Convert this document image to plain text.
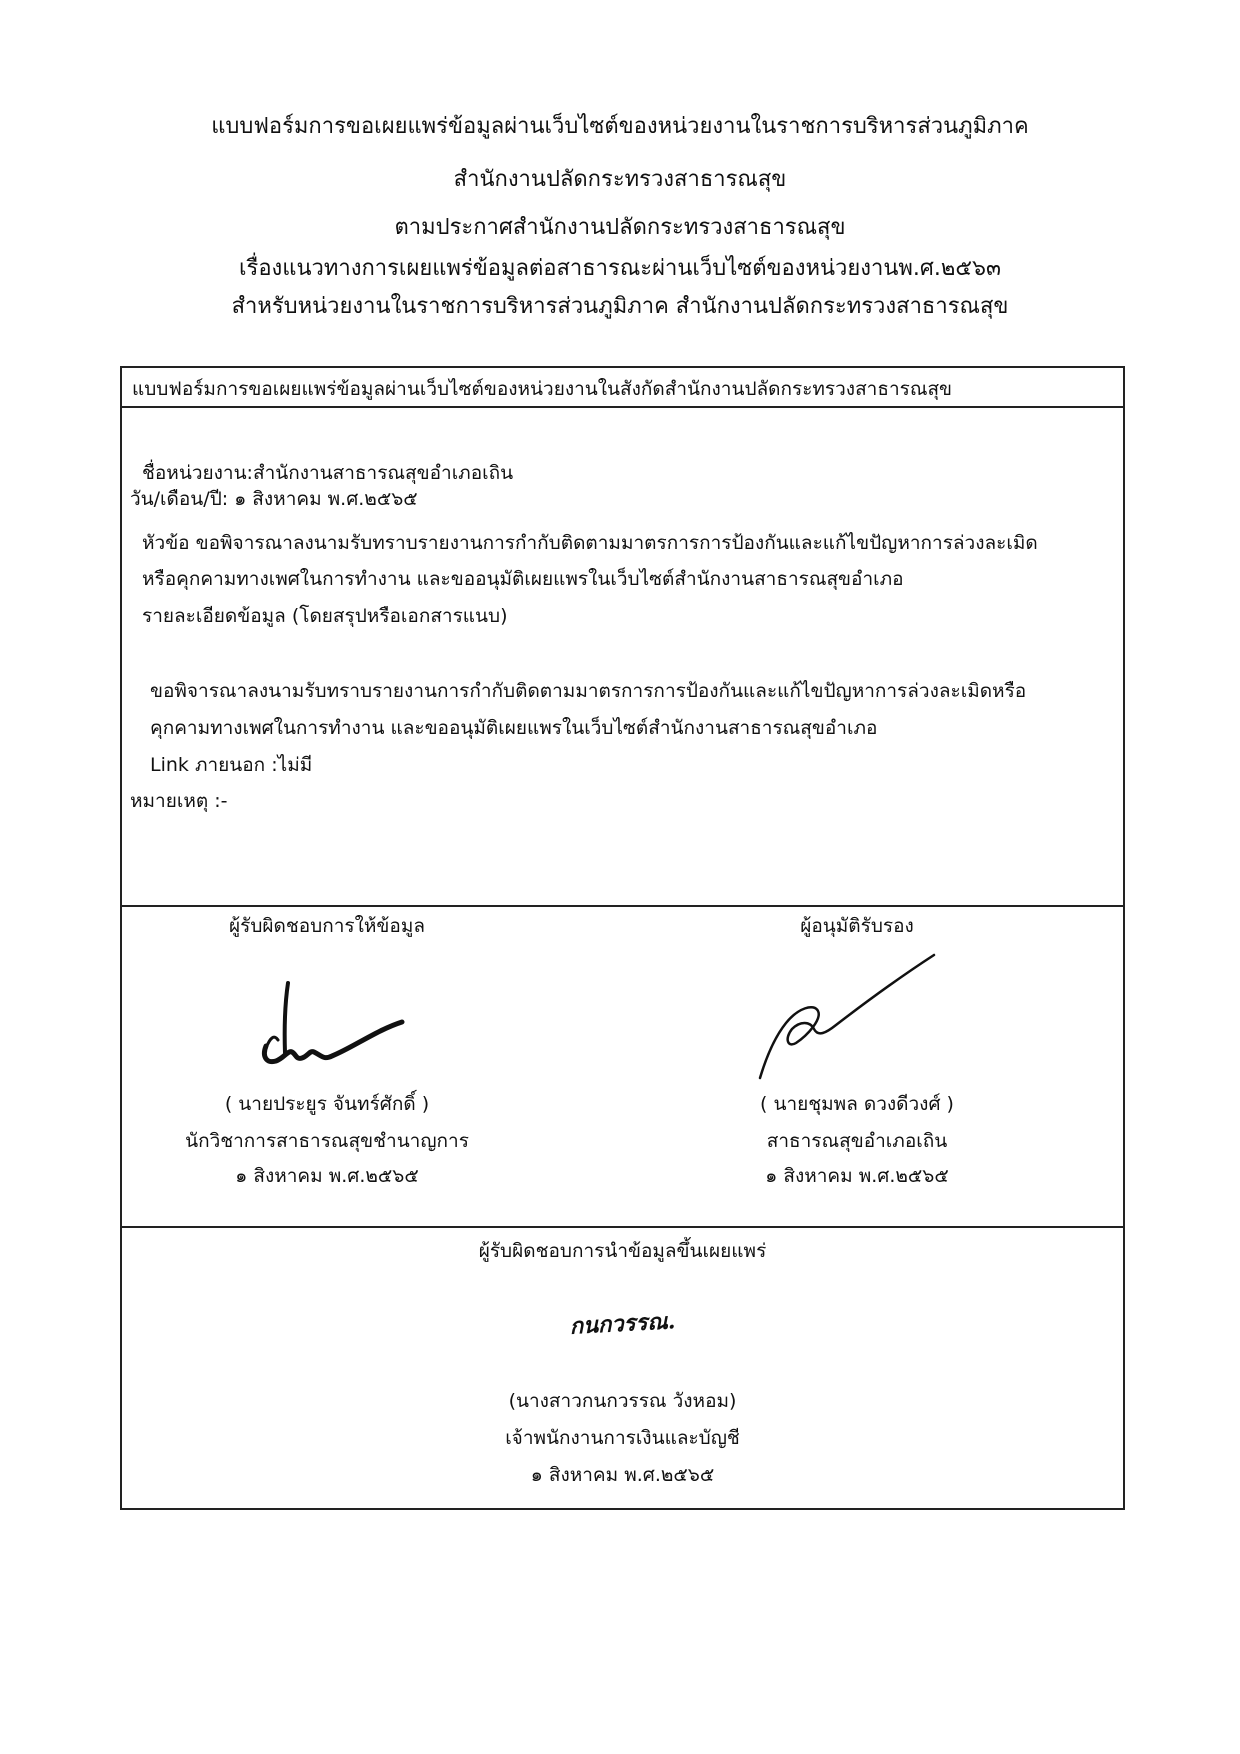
แบบฟอร์มการขอเผยแพร่ข้อมูลผ่านเว็บไซต์ของหน่วยงานในราชการบริหารส่วนภูมิภาค
สำนักงานปลัดกระทรวงสาธารณสุข
ตามประกาศสำนักงานปลัดกระทรวงสาธารณสุข
เรื่องแนวทางการเผยแพร่ข้อมูลต่อสาธารณะผ่านเว็บไซต์ของหน่วยงานพ.ศ.๒๕๖๓
สำหรับหน่วยงานในราชการบริหารส่วนภูมิภาค สำนักงานปลัดกระทรวงสาธารณสุข
แบบฟอร์มการขอเผยแพร่ข้อมูลผ่านเว็บไซต์ของหน่วยงานในสังกัดสำนักงานปลัดกระทรวงสาธารณสุข
ชื่อหน่วยงาน:สำนักงานสาธารณสุขอำเภอเถิน
วัน/เดือน/ปี: ๑ สิงหาคม พ.ศ.๒๕๖๕
หัวข้อ ขอพิจารณาลงนามรับทราบรายงานการกำกับติดตามมาตรการการป้องกันและแก้ไขปัญหาการล่วงละเมิด
หรือคุกคามทางเพศในการทำงาน และขออนุมัติเผยแพรในเว็บไซต์สำนักงานสาธารณสุขอำเภอ
รายละเอียดข้อมูล (โดยสรุปหรือเอกสารแนบ)
ขอพิจารณาลงนามรับทราบรายงานการกำกับติดตามมาตรการการป้องกันและแก้ไขปัญหาการล่วงละเมิดหรือ
คุกคามทางเพศในการทำงาน และขออนุมัติเผยแพรในเว็บไซต์สำนักงานสาธารณสุขอำเภอ
Link ภายนอก :ไม่มี
หมายเหตุ :-
ผู้รับผิดชอบการให้ข้อมูล
( นายประยูร จันทร์ศักดิ์ )
นักวิชาการสาธารณสุขชำนาญการ
๑ สิงหาคม พ.ศ.๒๕๖๕
ผู้อนุมัติรับรอง
( นายชุมพล ดวงดีวงศ์ )
สาธารณสุขอำเภอเถิน
๑ สิงหาคม พ.ศ.๒๕๖๕
ผู้รับผิดชอบการนำข้อมูลขึ้นเผยแพร่
กนกวรรณ.
(นางสาวกนกวรรณ วังหอม)
เจ้าพนักงานการเงินและบัญชี
๑ สิงหาคม พ.ศ.๒๕๖๕
